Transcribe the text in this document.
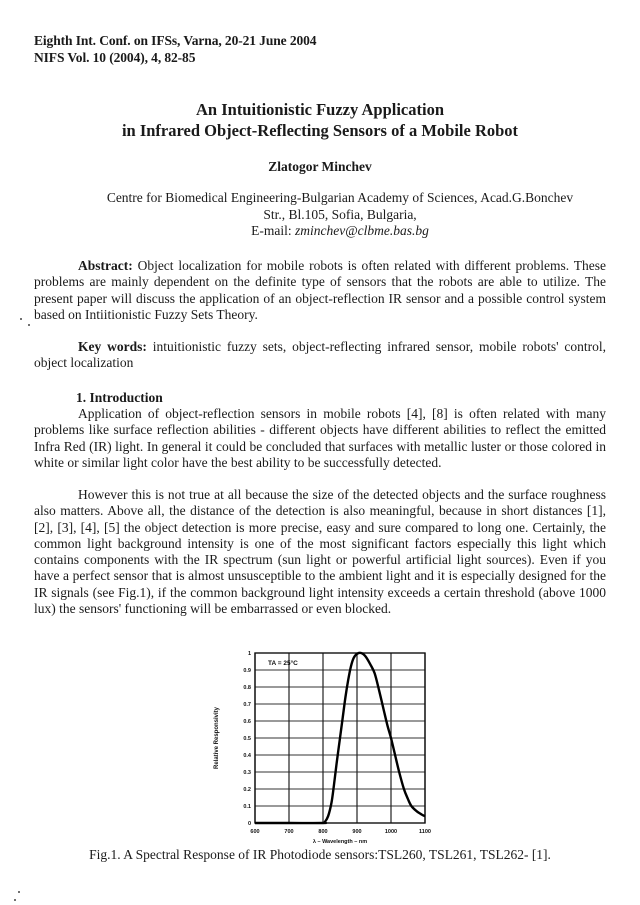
Eighth Int. Conf. on IFSs, Varna, 20-21 June 2004
NIFS Vol. 10 (2004), 4, 82-85
An Intuitionistic Fuzzy Application
in Infrared Object-Reflecting Sensors of a Mobile Robot
Zlatogor Minchev
Centre for Biomedical Engineering-Bulgarian Academy of Sciences, Acad.G.Bonchev
Str., Bl.105, Sofia, Bulgaria,
E-mail: zminchev@clbme.bas.bg
Abstract: Object localization for mobile robots is often related with different problems. These problems are mainly dependent on the definite type of sensors that the robots are able to utilize. The present paper will discuss the application of an object-reflection IR sensor and a possible control system based on Intiitionistic Fuzzy Sets Theory.
Key words: intuitionistic fuzzy sets, object-reflecting infrared sensor, mobile robots' control, object localization
1. Introduction
Application of object-reflection sensors in mobile robots [4], [8] is often related with many problems like surface reflection abilities - different objects have different abilities to reflect the emitted Infra Red (IR) light. In general it could be concluded that surfaces with metallic luster or those colored in white or similar light color have the best ability to be successfully detected.
However this is not true at all because the size of the detected objects and the surface roughness also matters. Above all, the distance of the detection is also meaningful, because in short distances [1], [2], [3], [4], [5] the object detection is more precise, easy and sure compared to long one. Certainly, the common light background intensity is one of the most significant factors especially this light which contains components with the IR spectrum (sun light or powerful artificial light sources). Even if you have a perfect sensor that is almost unsusceptible to the ambient light and it is especially designed for the IR signals (see Fig.1), if the common background light intensity exceeds a certain threshold (above 1000 lux) the sensors' functioning will be embarrassed or even blocked.
0
0.1
0.2
0.3
0.4
0.5
0.6
0.7
0.8
0.9
1
600	700	800	900	1000	1100
TA = 25°C
λ – Wavelength – nm
Relative Responsivity
Fig.1. A Spectral Response of IR Photodiode sensors:TSL260, TSL261, TSL262- [1].
